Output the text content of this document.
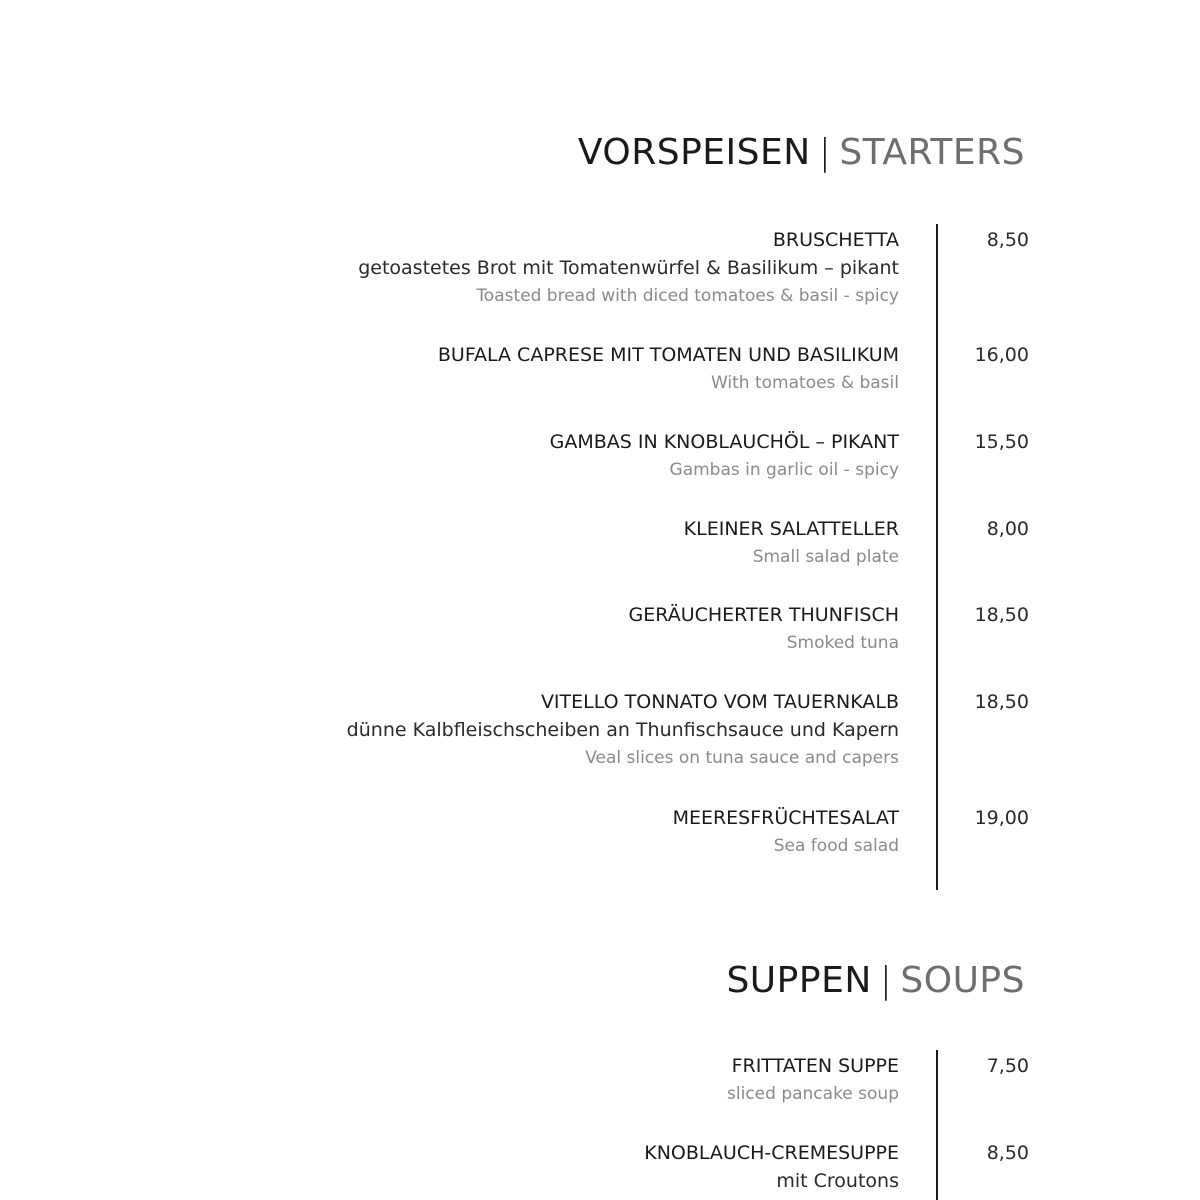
VORSPEISEN | STARTERS
BRUSCHETTA
getoastetes Brot mit Tomatenwürfel & Basilikum – pikant
Toasted bread with diced tomatoes & basil - spicy
8,50
BUFALA CAPRESE MIT TOMATEN UND BASILIKUM
With tomatoes & basil
16,00
GAMBAS IN KNOBLAUCHÖL – PIKANT
Gambas in garlic oil - spicy
15,50
KLEINER SALATTELLER
Small salad plate
8,00
GERÄUCHERTER THUNFISCH
Smoked tuna
18,50
VITELLO TONNATO VOM TAUERNKALB
dünne Kalbfleischscheiben an Thunfischsauce und Kapern
Veal slices on tuna sauce and capers
18,50
MEERESFRÜCHTESALAT
Sea food salad
19,00
SUPPEN | SOUPS
FRITTATEN SUPPE
sliced pancake soup
7,50
KNOBLAUCH-CREMESUPPE
mit Croutons
8,50
